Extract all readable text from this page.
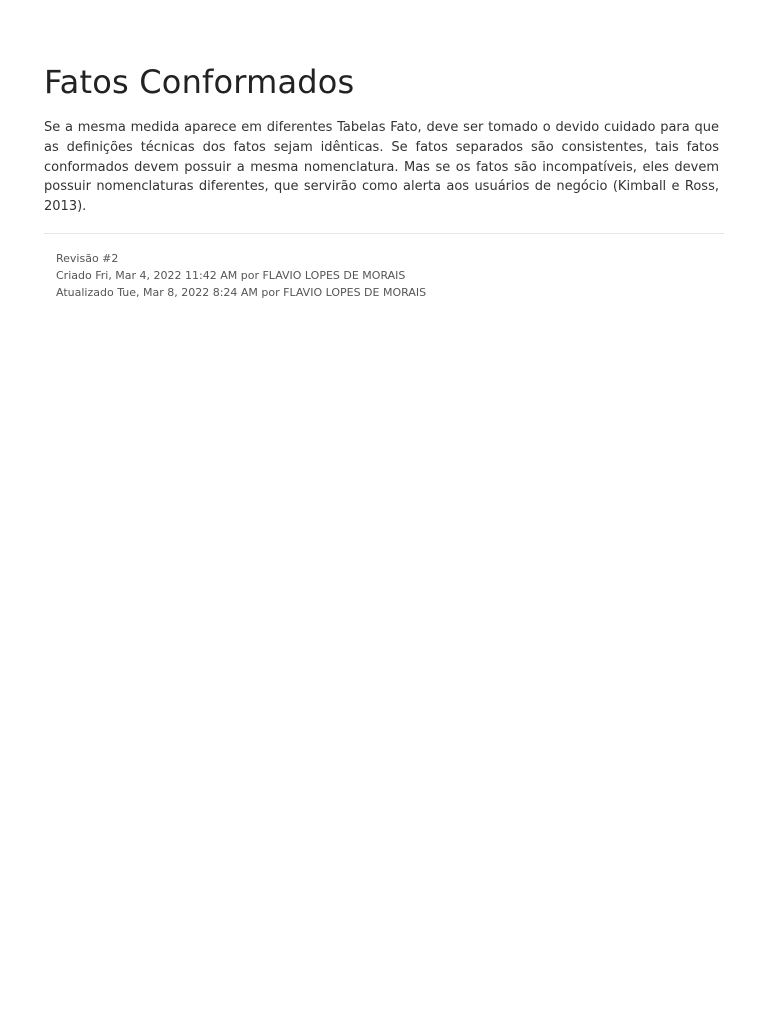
Fatos Conformados

Se a mesma medida aparece em diferentes Tabelas Fato, deve ser tomado o devido cuidado para que as definições técnicas dos fatos sejam idênticas. Se fatos separados são consistentes, tais fatos conformados devem possuir a mesma nomenclatura. Mas se os fatos são incompatíveis, eles devem possuir nomenclaturas diferentes, que servirão como alerta aos usuários de negócio (Kimball e Ross, 2013).

Revisão #2
Criado Fri, Mar 4, 2022 11:42 AM por FLAVIO LOPES DE MORAIS
Atualizado Tue, Mar 8, 2022 8:24 AM por FLAVIO LOPES DE MORAIS
